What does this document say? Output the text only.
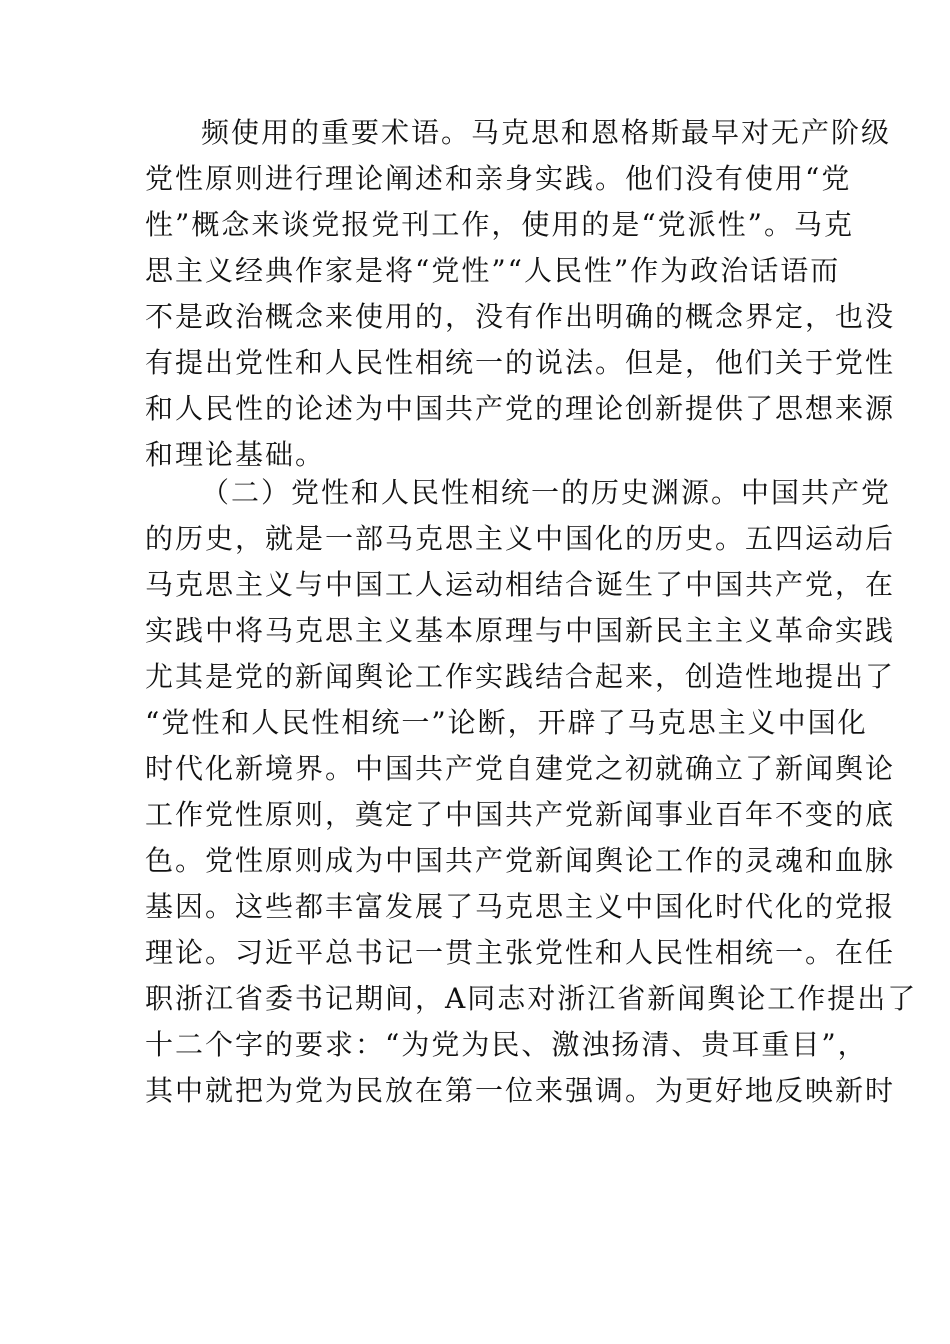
频使用的重要术语。马克思和恩格斯最早对无产阶级
党性原则进行理论阐述和亲身实践。他们没有使用“党
性”概念来谈党报党刊工作，使用的是“党派性”。马克
思主义经典作家是将“党性”“人民性”作为政治话语而
不是政治概念来使用的，没有作出明确的概念界定，也没
有提出党性和人民性相统一的说法。但是，他们关于党性
和人民性的论述为中国共产党的理论创新提供了思想来源
和理论基础。
（二）党性和人民性相统一的历史渊源。中国共产党
的历史，就是一部马克思主义中国化的历史。五四运动后
马克思主义与中国工人运动相结合诞生了中国共产党，在
实践中将马克思主义基本原理与中国新民主主义革命实践
尤其是党的新闻舆论工作实践结合起来，创造性地提出了
“党性和人民性相统一”论断，开辟了马克思主义中国化
时代化新境界。中国共产党自建党之初就确立了新闻舆论
工作党性原则，奠定了中国共产党新闻事业百年不变的底
色。党性原则成为中国共产党新闻舆论工作的灵魂和血脉
基因。这些都丰富发展了马克思主义中国化时代化的党报
理论。习近平总书记一贯主张党性和人民性相统一。在任
职浙江省委书记期间，A同志对浙江省新闻舆论工作提出了
十二个字的要求：“为党为民、激浊扬清、贵耳重目”，
其中就把为党为民放在第一位来强调。为更好地反映新时
